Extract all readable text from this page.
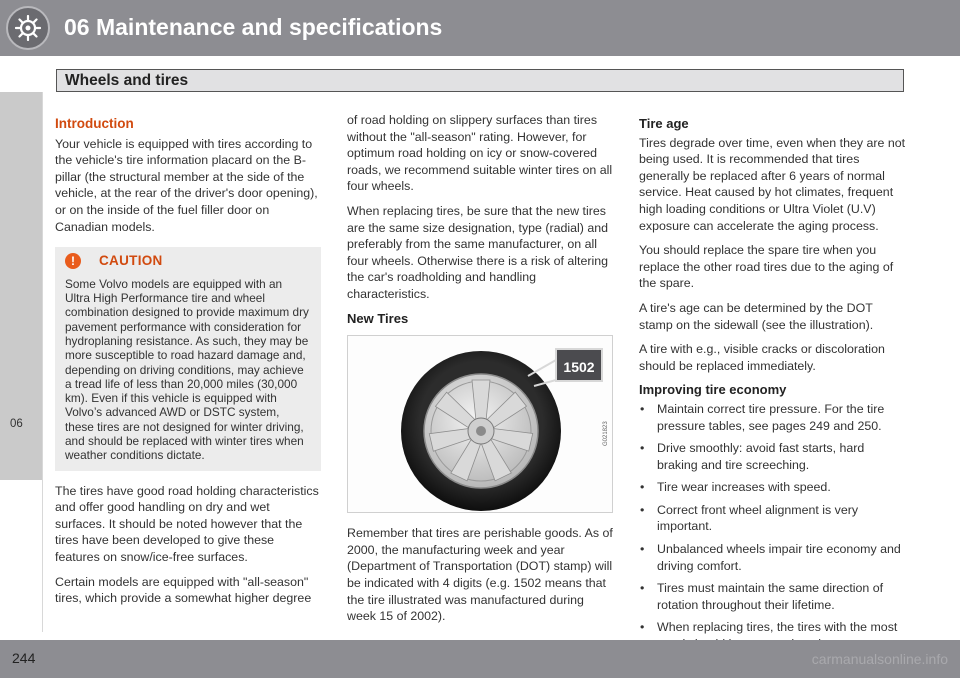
06 Maintenance and specifications
Wheels and tires
06
Introduction

Your vehicle is equipped with tires according to the vehicle's tire information placard on the B-pillar (the structural member at the side of the vehicle, at the rear of the driver's door opening), or on the inside of the fuel filler door on Canadian models.

!	CAUTION
Some Volvo models are equipped with an Ultra High Performance tire and wheel combination designed to provide maximum dry pavement performance with consideration for hydroplaning resistance. As such, they may be more susceptible to road hazard damage and, depending on driving conditions, may achieve a tread life of less than 20,000 miles (30,000 km). Even if this vehicle is equipped with Volvo’s advanced AWD or DSTC system, these tires are not designed for winter driving, and should be replaced with winter tires when weather conditions dictate.

The tires have good road holding characteristics and offer good handling on dry and wet surfaces. It should be noted however that the tires have been developed to give these features on snow/ice-free surfaces.

Certain models are equipped with "all-season" tires, which provide a somewhat higher degree

of road holding on slippery surfaces than tires without the "all-season" rating. However, for optimum road holding on icy or snow-covered roads, we recommend suitable winter tires on all four wheels.

When replacing tires, be sure that the new tires are the same size designation, type (radial) and preferably from the same manufacturer, on all four wheels. Otherwise there is a risk of altering the car's roadholding and handling characteristics.

New Tires
1502
G021823

Remember that tires are perishable goods. As of 2000, the manufacturing week and year (Department of Transportation (DOT) stamp) will be indicated with 4 digits (e.g. 1502 means that the tire illustrated was manufactured during week 15 of 2002).

Tire age

Tires degrade over time, even when they are not being used. It is recommended that tires generally be replaced after 6 years of normal service. Heat caused by hot climates, frequent high loading conditions or Ultra Violet (U.V) exposure can accelerate the aging process.

You should replace the spare tire when you replace the other road tires due to the aging of the spare.

A tire's age can be determined by the DOT stamp on the sidewall (see the illustration).

A tire with e.g., visible cracks or discoloration should be replaced immediately.

Improving tire economy
• Maintain correct tire pressure. For the tire pressure tables, see pages 249 and 250.
• Drive smoothly: avoid fast starts, hard braking and tire screeching.
• Tire wear increases with speed.
• Correct front wheel alignment is very important.
• Unbalanced wheels impair tire economy and driving comfort.
• Tires must maintain the same direction of rotation throughout their lifetime.
• When replacing tires, the tires with the most
244	carmanualsonline.info
